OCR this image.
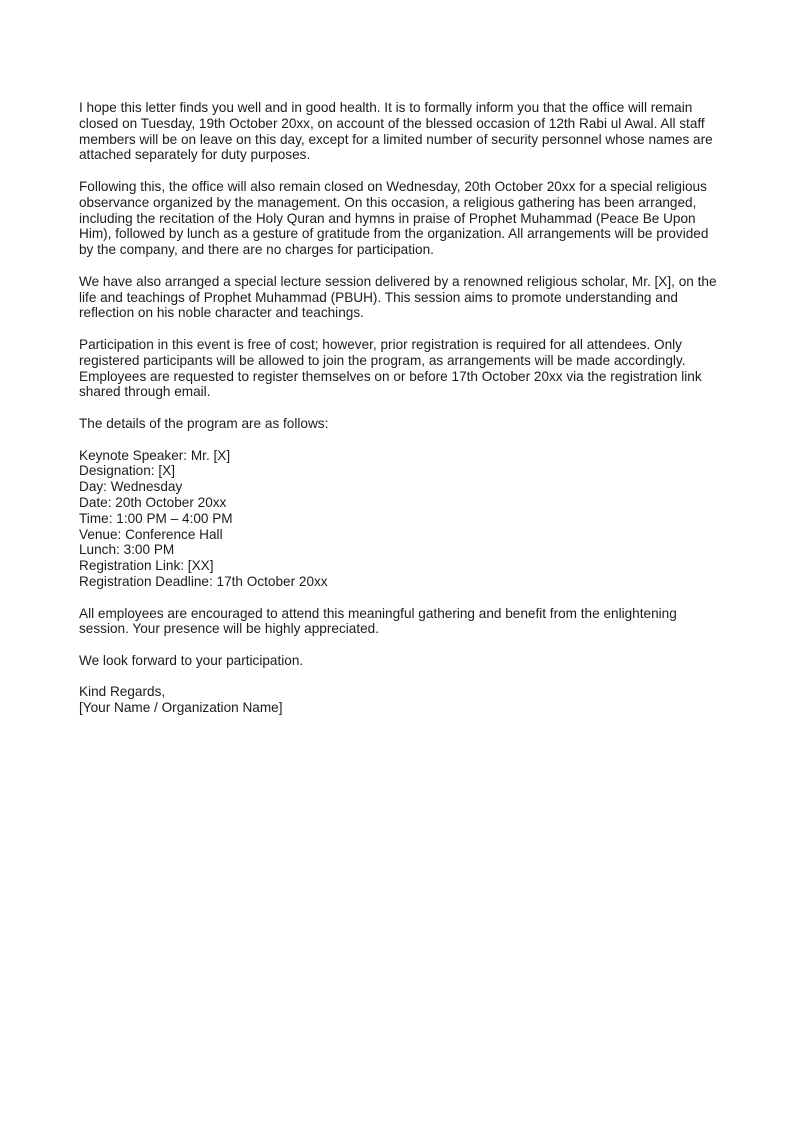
I hope this letter finds you well and in good health. It is to formally inform you that the office will remain closed on Tuesday, 19th October 20xx, on account of the blessed occasion of 12th Rabi ul Awal. All staff members will be on leave on this day, except for a limited number of security personnel whose names are attached separately for duty purposes.

Following this, the office will also remain closed on Wednesday, 20th October 20xx for a special religious observance organized by the management. On this occasion, a religious gathering has been arranged, including the recitation of the Holy Quran and hymns in praise of Prophet Muhammad (Peace Be Upon Him), followed by lunch as a gesture of gratitude from the organization. All arrangements will be provided by the company, and there are no charges for participation.

We have also arranged a special lecture session delivered by a renowned religious scholar, Mr. [X], on the life and teachings of Prophet Muhammad (PBUH). This session aims to promote understanding and reflection on his noble character and teachings.

Participation in this event is free of cost; however, prior registration is required for all attendees. Only registered participants will be allowed to join the program, as arrangements will be made accordingly. Employees are requested to register themselves on or before 17th October 20xx via the registration link shared through email.

The details of the program are as follows:

Keynote Speaker: Mr. [X]
Designation: [X]
Day: Wednesday
Date: 20th October 20xx
Time: 1:00 PM – 4:00 PM
Venue: Conference Hall
Lunch: 3:00 PM
Registration Link: [XX]
Registration Deadline: 17th October 20xx

All employees are encouraged to attend this meaningful gathering and benefit from the enlightening session. Your presence will be highly appreciated.

We look forward to your participation.

Kind Regards,
[Your Name / Organization Name]
